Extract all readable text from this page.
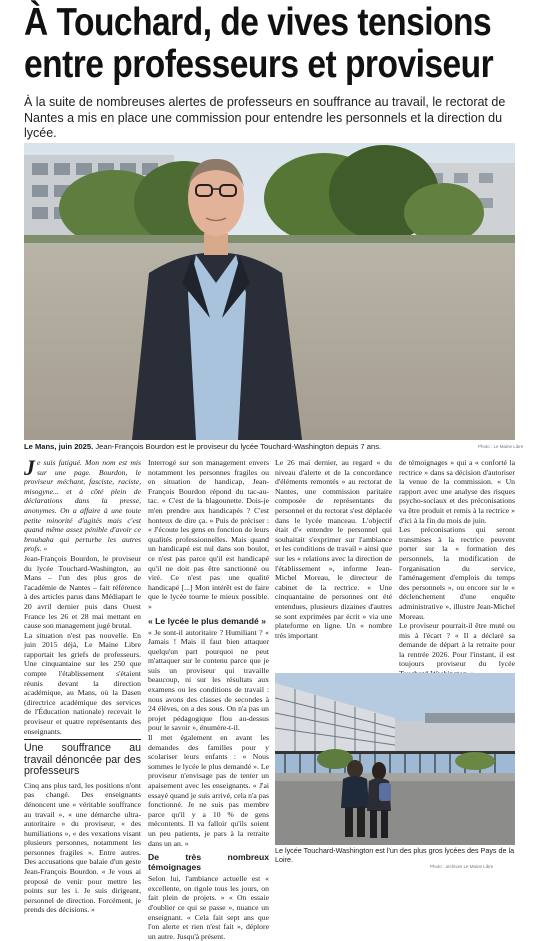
À Touchard, de vives tensions
entre professeurs et proviseur
À la suite de nombreuses alertes de professeurs en souffrance au travail, le rectorat de Nantes a mis en place une commission pour entendre les personnels et la direction du lycée.
Le Mans, juin 2025. Jean-François Bourdon est le proviseur du lycée Touchard-Washington depuis 7 ans.	Photo : Le Maine Libre

Je suis fatigué. Mon nom est mis sur une page. Bourdon, le proviseur méchant, fasciste, raciste, misogyne... et à côté plein de déclarations dans la presse, anonymes. On a affaire à une toute petite minorité d'agités mais c'est quand même assez pénible d'avoir ce brouhaha qui perturbe les autres profs. »

Jean-François Bourdon, le proviseur du lycée Touchard-Washington, au Mans – l'un des plus gros de l'académie de Nantes – fait référence à des articles parus dans Médiapart le 20 avril dernier puis dans Ouest France les 26 et 28 mai mettant en cause son management jugé brutal.

La situation n'est pas nouvelle. En juin 2015 déjà, Le Maine Libre rapportait les griefs de professeurs. Une cinquantaine sur les 250 que compte l'établissement s'étaient réunis devant la direction académique, au Mans, où la Dasen (directrice académique des services de l'Éducation nationale) recevait le proviseur et quatre représentants des enseignants.

Une souffrance au travail dénoncée par des professeurs

Cinq ans plus tard, les positions n'ont pas changé. Des enseignants dénoncent une « véritable souffrance au travail », « une démarche ultra-autoritaire » du proviseur, « des humiliations », « des vexations visant plusieurs personnes, notamment les personnes fragiles ». Entre autres. Des accusations que balaie d'un geste Jean-François Bourdon. « Je vous ai proposé de venir pour mettre les points sur les i. Je suis dirigeant, personnel de direction. Forcément, je prends des décisions. »

Interrogé sur son management envers notamment les personnes fragiles ou en situation de handicap, Jean-François Bourdon répond du tac-au-tac. « C'est de la blagounette. Dois-je m'en prendre aux handicapés ? C'est honteux de dire ça. » Puis de préciser : « J'écoute les gens en fonction de leurs qualités professionnelles. Mais quand un handicapé est nul dans son boulot, ce n'est pas parce qu'il est handicapé qu'il ne doit pas être sanctionné ou viré. Ce n'est pas une qualité handicapé [...] Mon intérêt est de faire que le lycée tourne le mieux possible. »

« Le lycée le plus demandé »

« Je sont-il autoritaire ? Humiliant ? « Jamais ! Mais il faut bien attaquer quelqu'un part pourquoi ne peut m'attaquer sur le contenu parce que je suis un proviseur qui travaille beaucoup, ni sur les résultats aux examens ou les conditions de travail : nous avons des classes de secondes à 24 élèves, on a des sous. On n'a pas un projet pédagogique flou au-dessus pour le savoir », énumère-t-il.

Il met également en avant les demandes des familles pour y scolariser leurs enfants : « Nous sommes le lycée le plus demandé ». Le proviseur n'envisage pas de tenter un apaisement avec les enseignants. « J'ai essayé quand je suis arrivé, cela n'a pas fonctionné. Je ne suis pas membre parce qu'il y a 10 % de gens mécontents. Il va falloir qu'ils soient un peu patients, je pars à la retraite dans un an. »

De très nombreux témoignages

Selon lui, l'ambiance actuelle est « excellente, on rigole tous les jours, on fait plein de projets. » « On essaie d'oublier ce qui se passe », nuance un enseignant. « Cela fait sept ans que l'on alerte et rien n'est fait », déplore un autre. Jusqu'à présent.

Le 26 mai dernier, au regard « du niveau d'alerte et de la concordance d'éléments remontés » au rectorat de Nantes, une commission paritaire composée de représentants du personnel et du rectorat s'est déplacée dans le lycée manceau. L'objectif était d'« entendre le personnel qui souhaitait s'exprimer sur l'ambiance et les conditions de travail » ainsi que sur les « relations avec la direction de l'établissement », informe Jean-Michel Moreau, le directeur de cabinet de la rectrice. « Une cinquantaine de personnes ont été entendues, plusieurs dizaines d'autres se sont exprimées par écrit » via une plateforme en ligne. Un « nombre très important

de témoignages » qui a « conforté la rectrice » dans sa décision d'autoriser la venue de la commission. « Un rapport avec une analyse des risques psycho-sociaux et des préconisations va être produit et remis à la rectrice » d'ici à la fin du mois de juin.

Les préconisations qui seront transmises à la rectrice peuvent porter sur la « formation des personnels, la modification de l'organisation du service, l'aménagement d'emplois du temps des personnels », ou encore sur le « déclenchement d'une enquête administrative », illustre Jean-Michel Moreau.

Le proviseur pourrait-il être muté ou mis à l'écart ? « Il a déclaré sa demande de départ à la retraite pour la rentrée 2026. Pour l'instant, il est toujours proviseur du lycée

Le lycée Touchard-Washington est l'un des plus gros lycées des Pays de la Loire.
Photo : archives Le Maine Libre
